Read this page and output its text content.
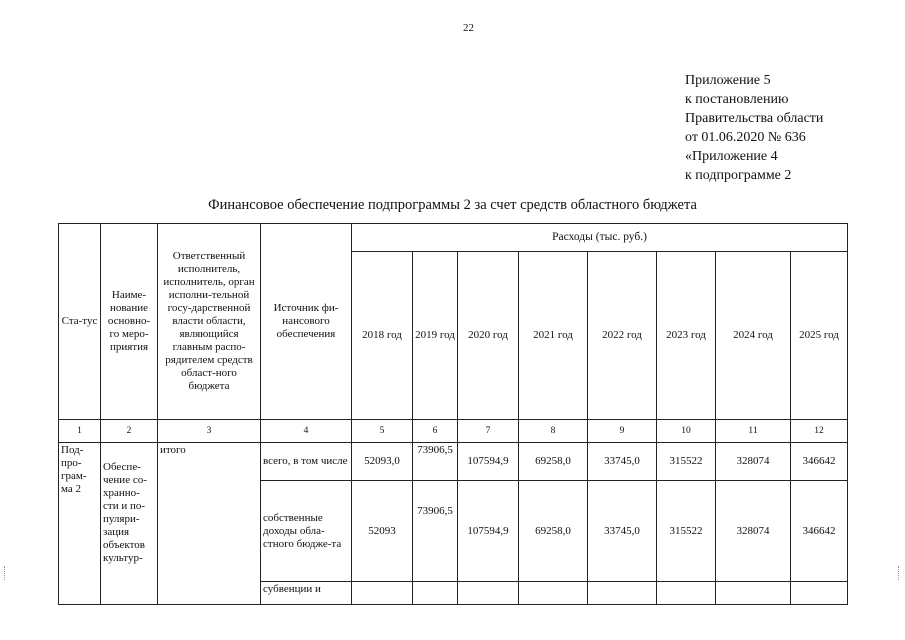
22
Приложение 5
к постановлению
Правительства области
от 01.06.2020 № 636
«Приложение 4
к подпрограмме 2
Финансовое обеспечение подпрограммы 2 за счет средств областного бюджета
Ста-тус	Наиме-нование основно-го меро-приятия	Ответственный исполнитель, исполнитель, орган исполни-тельной госу-дарственной власти области, являющийся главным распо-рядителем средств област-ного бюджета	Источник фи-нансового обеспечения	Расходы (тыс. руб.)							
				2018 год	2019 год	2020 год	2021 год	2022 год	2023 год	2024 год	2025 год
1	2	3	4	5	6	7	8	9	10	11	12
Под-про-грам-ма 2	Обеспе-чение со-хранно-сти и по-пуляри-зация объектов культур-	итого	всего, в том числе	52093,0	73906,5	107594,9	69258,0	33745,0	315522	328074	346642
			собственные доходы обла-стного бюдже-та	52093	73906,5	107594,9	69258,0	33745,0	315522	328074	346642
			субвенции и								
